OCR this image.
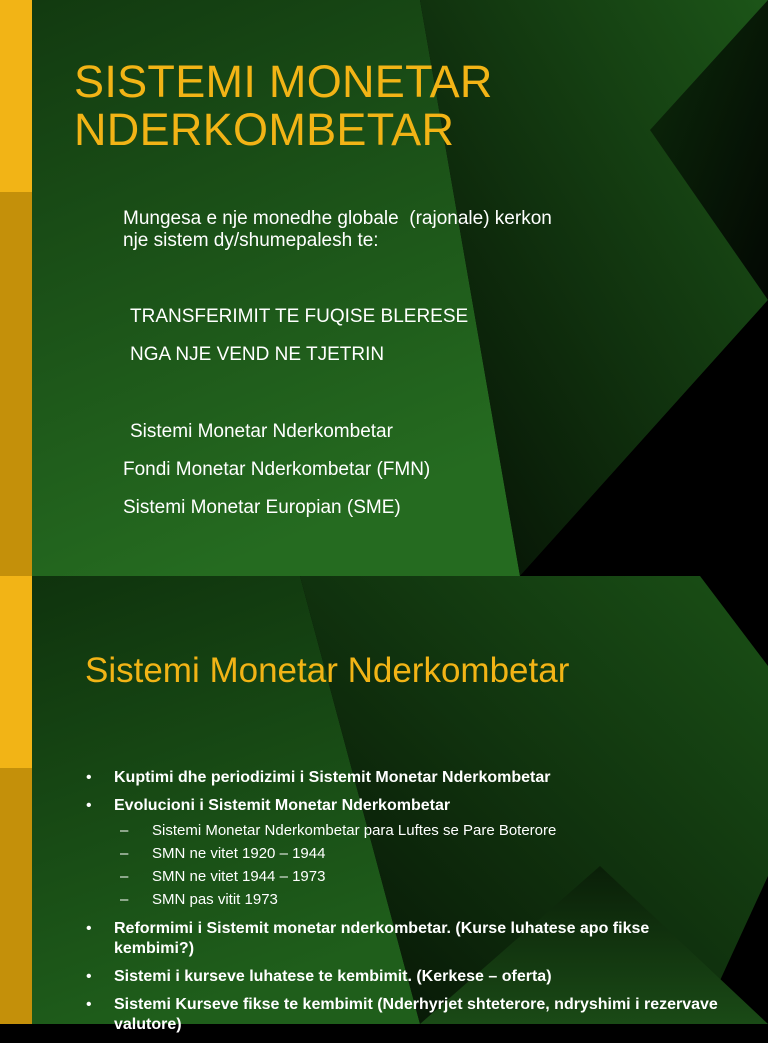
SISTEMI MONETAR
NDERKOMBETAR
Mungesa e nje monedhe globale  (rajonale) kerkon
nje sistem dy/shumepalesh te:
TRANSFERIMIT TE FUQISE BLERESE
NGA NJE VEND NE TJETRIN
Sistemi Monetar Nderkombetar
Fondi Monetar Nderkombetar (FMN)
Sistemi Monetar Europian (SME)
Sistemi Monetar Nderkombetar
• Kuptimi dhe periodizimi i Sistemit Monetar Nderkombetar
• Evolucioni i Sistemit Monetar Nderkombetar
– Sistemi Monetar Nderkombetar para Luftes se Pare Boterore
– SMN ne vitet 1920 – 1944
– SMN ne vitet 1944 – 1973
– SMN pas vitit 1973
• Reformimi i Sistemit monetar nderkombetar. (Kurse luhatese apo fikse kembimi?)
• Sistemi i kurseve luhatese te kembimit. (Kerkese – oferta)
• Sistemi Kurseve fikse te kembimit (Nderhyrjet shteterore, ndryshimi i rezervave valutore)
